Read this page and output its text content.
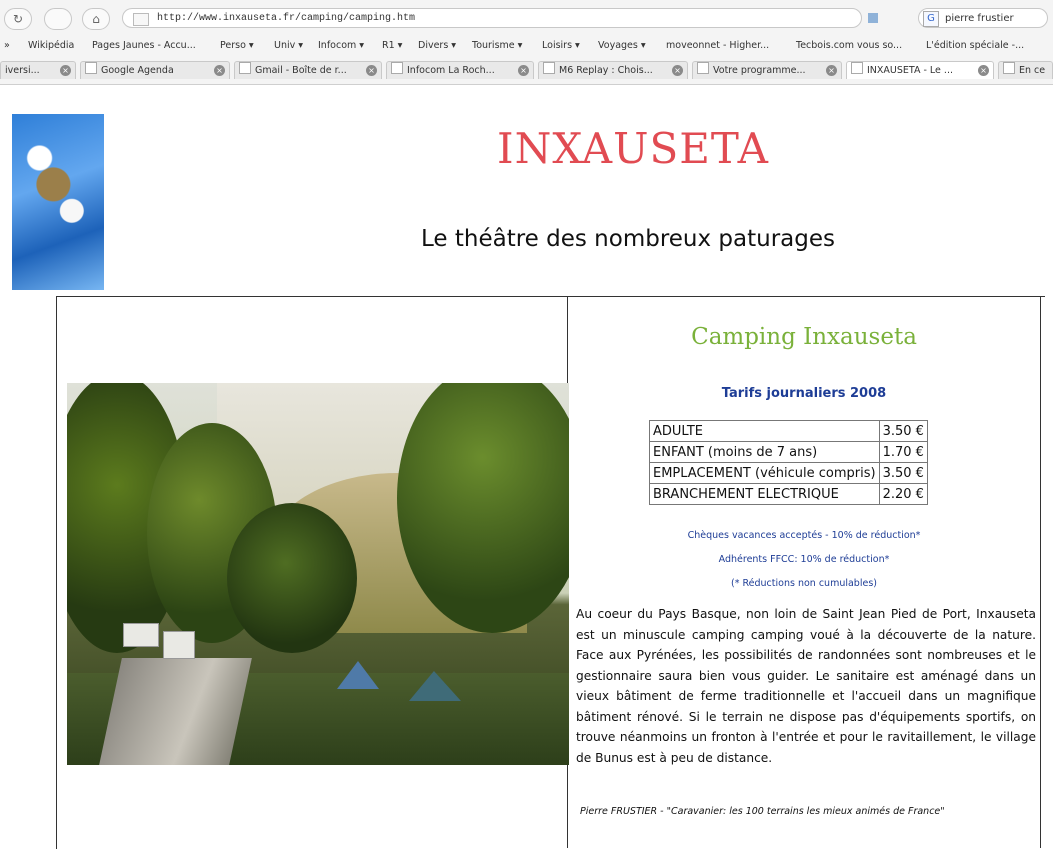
↻	⌂	http://www.inxauseta.fr/camping/camping.htm	G	pierre frustier
» Wikipédia Pages Jaunes - Accu...	Perso ▾ Univ ▾ Infocom ▾ R1 ▾ Divers ▾ Tourisme ▾ Loisirs ▾ Voyages ▾ moveonnet - Higher...	Tecbois.com vous so...	L'édition spéciale -...
iversi...	×	Google Agenda	×	Gmail - Boîte de r...	×	Infocom La Roch...	×	M6 Replay : Chois...	×	Votre programme...	×	INXAUSETA - Le ...	×	En ce
INXAUSETA
Le théâtre des nombreux paturages
Camping Inxauseta
Tarifs journaliers 2008
ADULTE	3.50 €
ENFANT (moins de 7 ans)	1.70 €
EMPLACEMENT (véhicule compris)	3.50 €
BRANCHEMENT ELECTRIQUE	2.20 €
Chèques vacances acceptés - 10% de réduction*
Adhérents FFCC: 10% de réduction*
(* Réductions non cumulables)
Au coeur du Pays Basque, non loin de Saint Jean Pied de Port, Inxauseta est un minuscule camping camping voué à la découverte de la nature. Face aux Pyrénées, les possibilités de randonnées sont nombreuses et le gestionnaire saura bien vous guider. Le sanitaire est aménagé dans un vieux bâtiment de ferme traditionnelle et l'accueil dans un magnifique bâtiment rénové. Si le terrain ne dispose pas d'équipements sportifs, on trouve néanmoins un fronton à l'entrée et pour le ravitaillement, le village de Bunus est à peu de distance.
Pierre FRUSTIER - "Caravanier: les 100 terrains les mieux animés de France"
